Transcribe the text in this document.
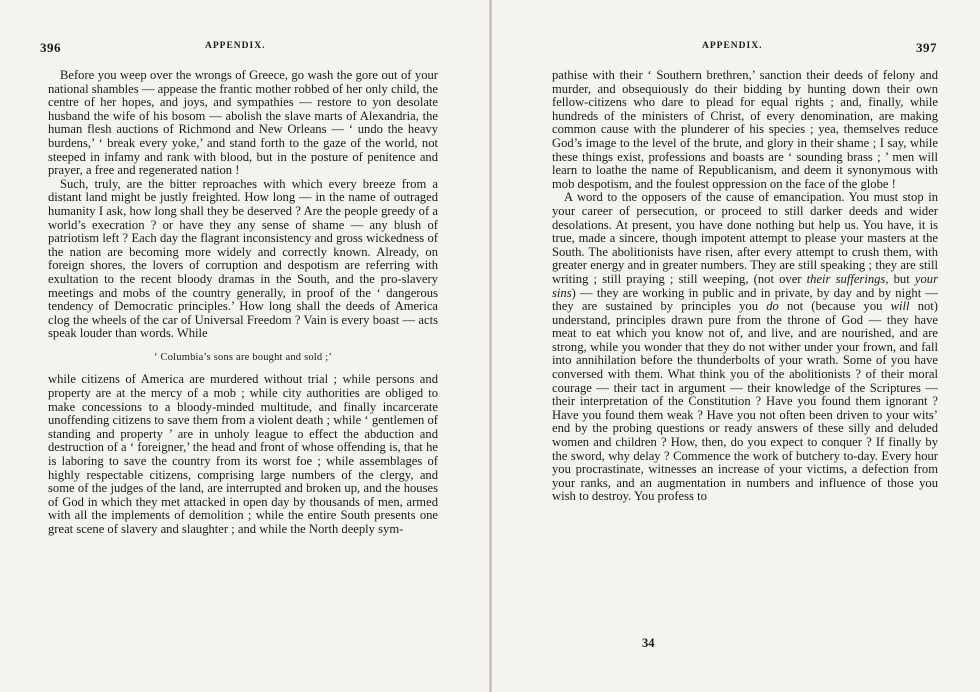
396	APPENDIX.

Before you weep over the wrongs of Greece, go wash the gore out of your national shambles — appease the frantic mother robbed of her only child, the centre of her hopes, and joys, and sympathies — restore to yon desolate husband the wife of his bosom — abolish the slave marts of Alexandria, the human flesh auctions of Richmond and New Orleans — ‘ undo the heavy burdens,’ ‘ break every yoke,’ and stand forth to the gaze of the world, not steeped in infamy and rank with blood, but in the posture of penitence and prayer, a free and regenerated nation !

Such, truly, are the bitter reproaches with which every breeze from a distant land might be justly freighted. How long — in the name of outraged humanity I ask, how long shall they be deserved ? Are the people greedy of a world’s execration ? or have they any sense of shame — any blush of patriotism left ? Each day the flagrant inconsistency and gross wickedness of the nation are becoming more widely and correctly known. Already, on foreign shores, the lovers of corruption and despotism are referring with exultation to the recent bloody dramas in the South, and the pro-slavery meetings and mobs of the country generally, in proof of the ‘ dangerous tendency of Democratic principles.’ How long shall the deeds of America clog the wheels of the car of Universal Freedom ? Vain is every boast — acts speak louder than words. While

‘ Columbia’s sons are bought and sold ;’

while citizens of America are murdered without trial ; while persons and property are at the mercy of a mob ; while city authorities are obliged to make concessions to a bloody-minded multitude, and finally incarcerate unoffending citizens to save them from a violent death ; while ‘ gentlemen of standing and property ’ are in unholy league to effect the abduction and destruction of a ‘ foreigner,’ the head and front of whose offending is, that he is laboring to save the country from its worst foe ; while assemblages of highly respectable citizens, comprising large numbers of the clergy, and some of the judges of the land, are interrupted and broken up, and the houses of God in which they met attacked in open day by thousands of men, armed with all the implements of demolition ; while the entire South presents one great scene of slavery and slaughter ; and while the North deeply sym-

APPENDIX.	397

pathise with their ‘ Southern brethren,’ sanction their deeds of felony and murder, and obsequiously do their bidding by hunting down their own fellow-citizens who dare to plead for equal rights ; and, finally, while hundreds of the ministers of Christ, of every denomination, are making common cause with the plunderer of his species ; yea, themselves reduce God’s image to the level of the brute, and glory in their shame ; I say, while these things exist, professions and boasts are ‘ sounding brass ; ’ men will learn to loathe the name of Republicanism, and deem it synonymous with mob despotism, and the foulest oppression on the face of the globe !

A word to the opposers of the cause of emancipation. You must stop in your career of persecution, or proceed to still darker deeds and wider desolations. At present, you have done nothing but help us. You have, it is true, made a sincere, though impotent attempt to please your masters at the South. The abolitionists have risen, after every attempt to crush them, with greater energy and in greater numbers. They are still speaking ; they are still writing ; still praying ; still weeping, (not over their sufferings, but your sins) — they are working in public and in private, by day and by night — they are sustained by principles you do not (because you will not) understand, principles drawn pure from the throne of God — they have meat to eat which you know not of, and live, and are nourished, and are strong, while you wonder that they do not wither under your frown, and fall into annihilation before the thunderbolts of your wrath. Some of you have conversed with them. What think you of the abolitionists ? of their moral courage — their tact in argument — their knowledge of the Scriptures — their interpretation of the Constitution ? Have you found them ignorant ? Have you found them weak ? Have you not often been driven to your wits’ end by the probing questions or ready answers of these silly and deluded women and children ? How, then, do you expect to conquer ? If finally by the sword, why delay ? Commence the work of butchery to-day. Every hour you procrastinate, witnesses an increase of your victims, a defection from your ranks, and an augmentation in numbers and influence of those you wish to destroy. You profess to

34
